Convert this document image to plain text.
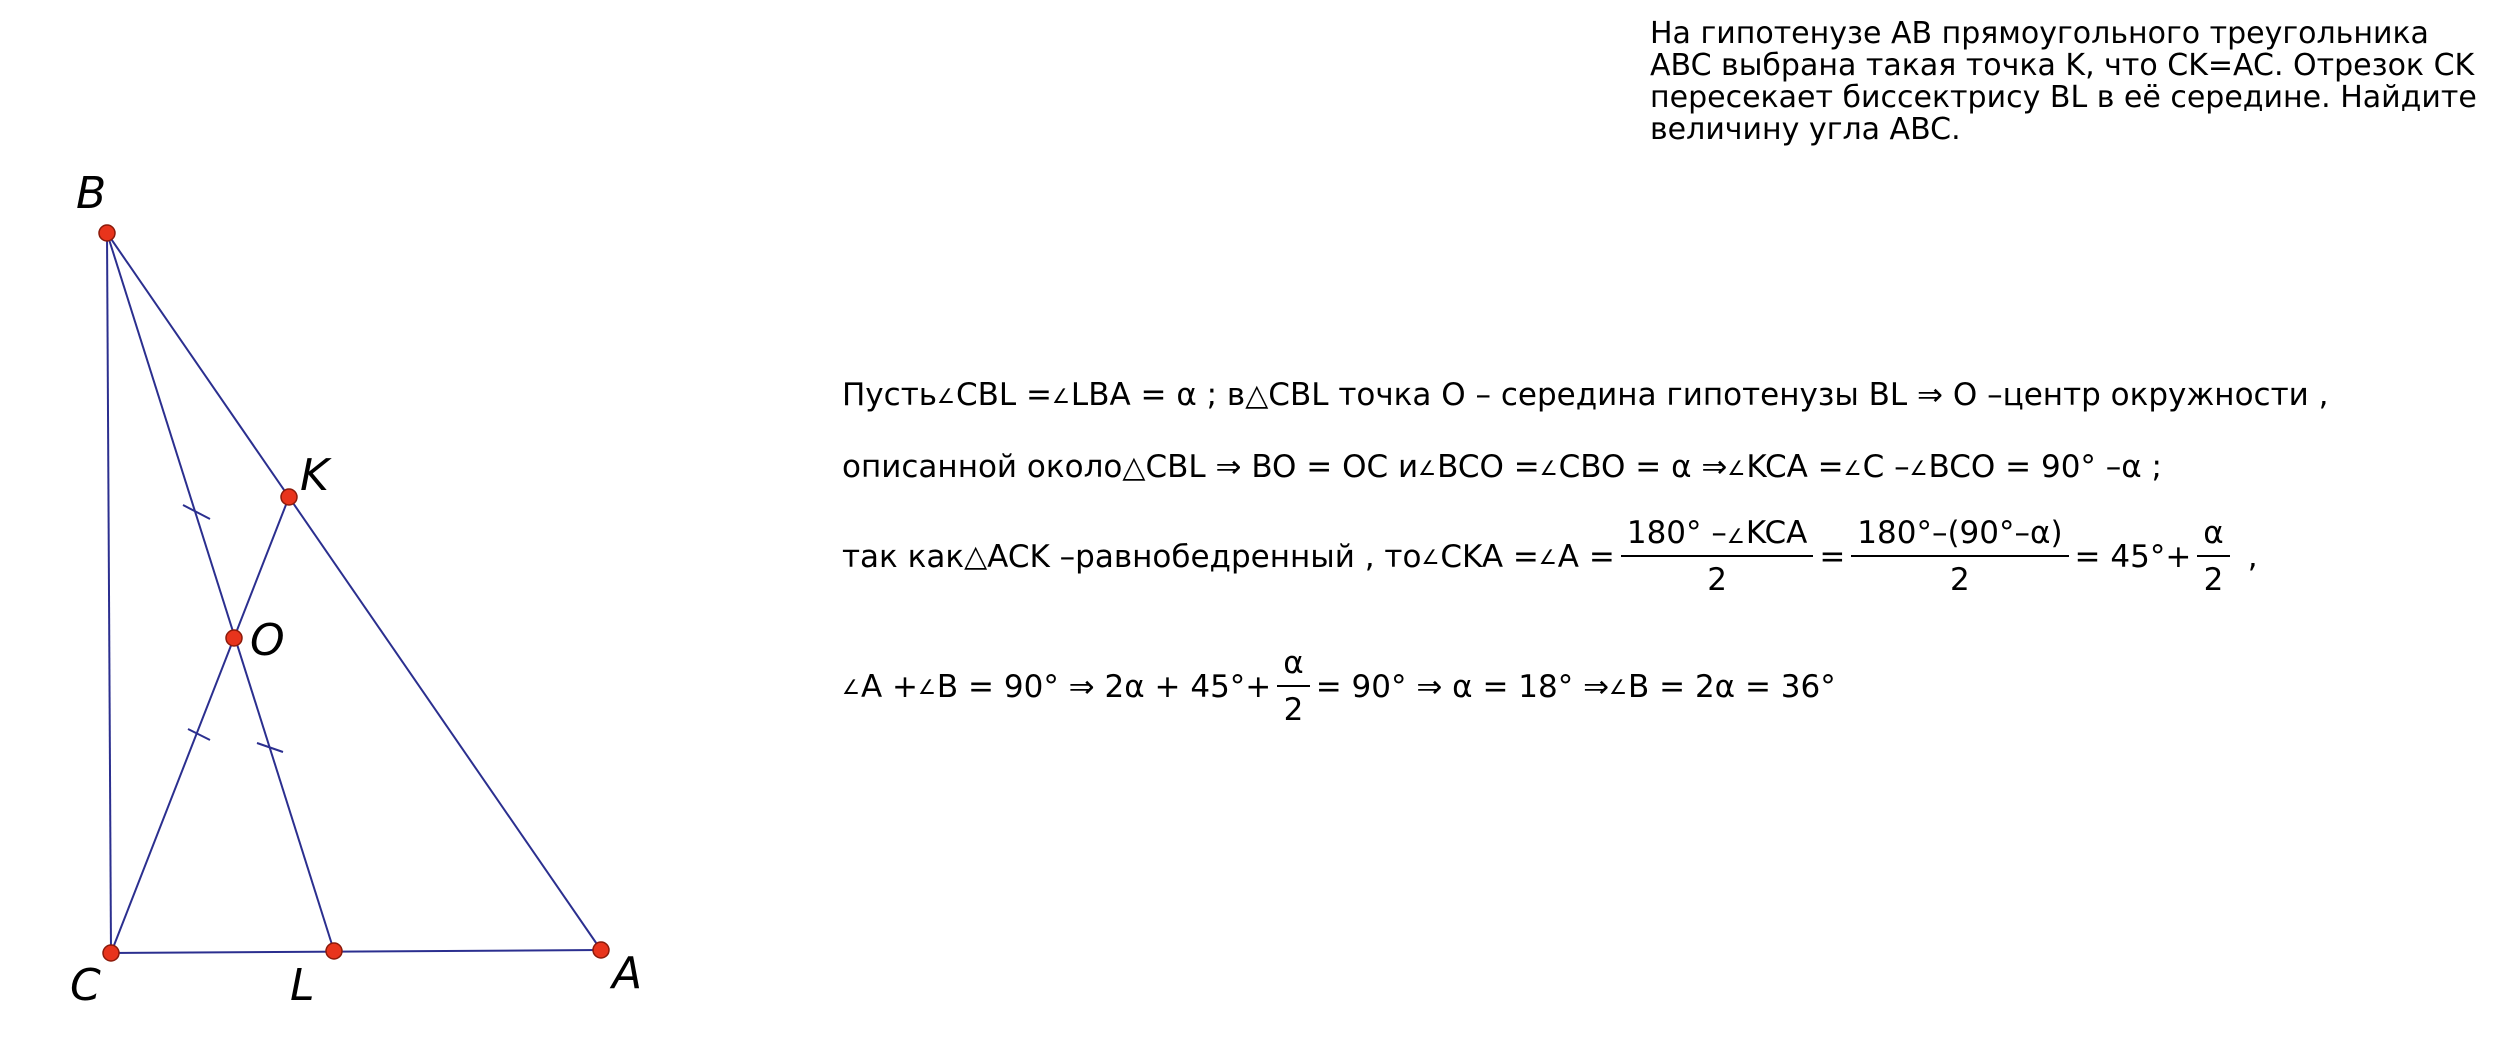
B
K
O
C	L	A
На гипотенузе AB прямоугольного треугольника
ABC выбрана такая точка K, что CK=AC. Отрезок CK
пересекает биссектрису BL в её середине. Найдите
величину угла ABC.
Пусть ∠ CBL = ∠ LBA = α ; в △ CBL точка O – середина гипотенузы BL ⇒ O –центр окружности ,
описанной около △ CBL ⇒ BO = OC и ∠ BCO = ∠ CBO = α ⇒ ∠ KCA = ∠ C – ∠ BCO = 90° –α ;
так как △ ACK –равнобедренный , то ∠ CKA = ∠ $A = \frac{\text{180° –∠KCA}}{2} = \frac{180^\circ-(90^\circ-\alpha)}{2} = 45^\circ+ \frac{\alpha}{2}$ ,
∠ A + ∠ B = 90° ⇒ $2\alpha + 45^\circ+ \frac{\alpha}{2} = 90^\circ$ ⇒ α = 18° ⇒ ∠ B = 2α = 36°
